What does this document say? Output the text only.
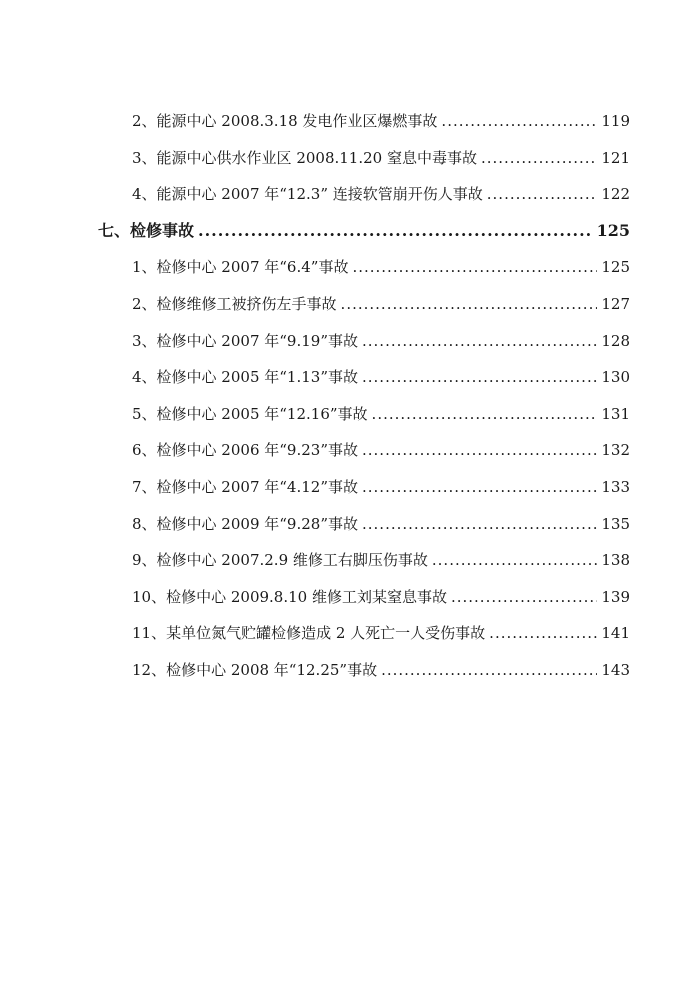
2、能源中心 2008.3.18 发电作业区爆燃事故 .....	119
3、能源中心供水作业区 2008.11.20 窒息中毒事故 .....	121
4、能源中心 2007 年“12.3” 连接软管崩开伤人事故 .....	122
七、检修事故 .....	125
1、检修中心 2007 年“6.4”事故 .....	125
2、检修维修工被挤伤左手事故 .....	127
3、检修中心 2007 年“9.19”事故 .....	128
4、检修中心 2005 年“1.13”事故 .....	130
5、检修中心 2005 年“12.16”事故 .....	131
6、检修中心 2006 年“9.23”事故 .....	132
7、检修中心 2007 年“4.12”事故 .....	133
8、检修中心 2009 年“9.28”事故 .....	135
9、检修中心 2007.2.9 维修工右脚压伤事故 .....	138
10、检修中心 2009.8.10 维修工刘某窒息事故 .....	139
11、某单位氮气贮罐检修造成 2 人死亡一人受伤事故 .....	141
12、检修中心 2008 年“12.25”事故 .....	143
